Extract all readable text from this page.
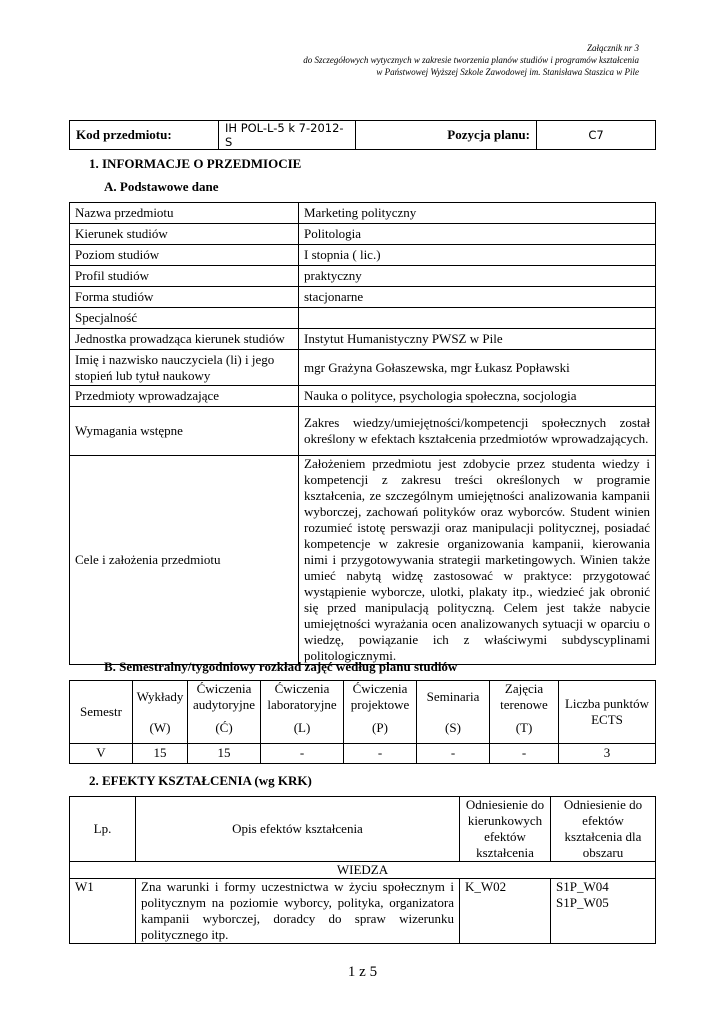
Załącznik nr 3
do Szczegółowych wytycznych w zakresie tworzenia planów studiów i programów kształcenia
w Państwowej Wyższej Szkole Zawodowej im. Stanisława Staszica w Pile
Kod przedmiotu:	IH POL-L-5 k 7-2012-S	Pozycja planu:	C7
1. INFORMACJE O PRZEDMIOCIE
A. Podstawowe dane
Nazwa przedmiotu	Marketing polityczny
Kierunek studiów	Politologia
Poziom studiów	I stopnia ( lic.)
Profil studiów	praktyczny
Forma studiów	stacjonarne
Specjalność	
Jednostka prowadząca kierunek studiów	Instytut Humanistyczny PWSZ w Pile
Imię i nazwisko nauczyciela (li) i jego stopień lub tytuł naukowy	mgr Grażyna Gołaszewska, mgr Łukasz Popławski
Przedmioty wprowadzające	Nauka o polityce, psychologia społeczna, socjologia
Wymagania wstępne	Zakres wiedzy/umiejętności/kompetencji społecznych został określony w efektach kształcenia przedmiotów wprowadzających.
Cele i założenia przedmiotu	Założeniem przedmiotu jest zdobycie przez studenta wiedzy i kompetencji z zakresu treści określonych w programie kształcenia, ze szczególnym umiejętności analizowania kampanii wyborczej, zachowań polityków oraz wyborców. Student winien rozumieć istotę perswazji oraz manipulacji politycznej, posiadać kompetencje w zakresie organizowania kampanii, kierowania nimi i przygotowywania strategii marketingowych. Winien także umieć nabytą widzę zastosować w praktyce: przygotować wystąpienie wyborcze, ulotki, plakaty itp., wiedzieć jak obronić się przed manipulacją polityczną. Celem jest także nabycie umiejętności wyrażania ocen analizowanych sytuacji w oparciu o wiedzę, powiązanie ich z właściwymi subdyscyplinami politologicznymi.
B. Semestralny/tygodniowy rozkład zajęć według planu studiów
Semestr	Wykłady	Ćwiczenia audytoryjne	Ćwiczenia laboratoryjne	Ćwiczenia projektowe	Seminaria	Zajęcia terenowe	Liczba punktów ECTS
	(W)	(Ć)	(L)	(P)	(S)	(T)	
V	15	15	-	-	-	-	3
2. EFEKTY KSZTAŁCENIA (wg KRK)
Lp.	Opis efektów kształcenia	Odniesienie do kierunkowych efektów kształcenia	Odniesienie do efektów kształcenia dla obszaru
WIEDZA			
W1	Zna warunki i formy uczestnictwa w życiu społecznym i politycznym na poziomie wyborcy, polityka, organizatora kampanii wyborczej, doradcy do spraw wizerunku politycznego itp.	K_W02	S1P_W04
S1P_W05
1 z 5
